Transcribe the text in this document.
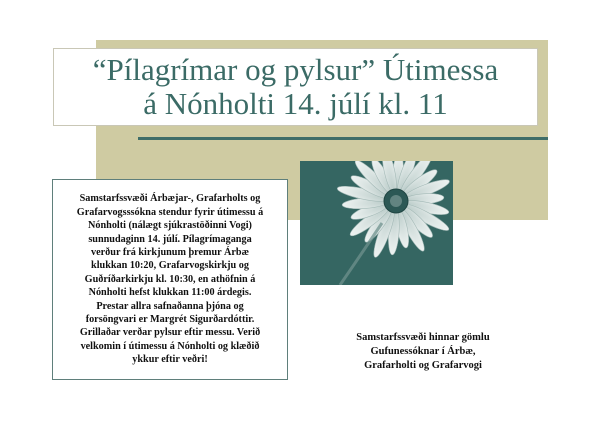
“Pílagrímar og pylsur” Útimessa
á Nónholti 14. júlí kl. 11
Samstarfssvæði Árbæjar-, Grafarholts og
Grafarvogsssókna stendur fyrir útimessu á
Nónholti (nálægt sjúkrastöðinni Vogi)
sunnudaginn 14. júlí. Pílagrímaganga
verður frá kirkjunum þremur Árbæ
klukkan 10:20, Grafarvogskirkju og
Guðríðarkirkju kl. 10:30, en athöfnin á
Nónholti hefst klukkan 11:00 árdegis.
Prestar allra safnaðanna þjóna og
forsöngvari er Margrét Sigurðardóttir.
Grillaðar verðar pylsur eftir messu. Verið
velkomin í útimessu á Nónholti og klæðið
ykkur eftir veðri!
Samstarfssvæði hinnar gömlu
Gufunessóknar í Árbæ,
Grafarholti og Grafarvogi
